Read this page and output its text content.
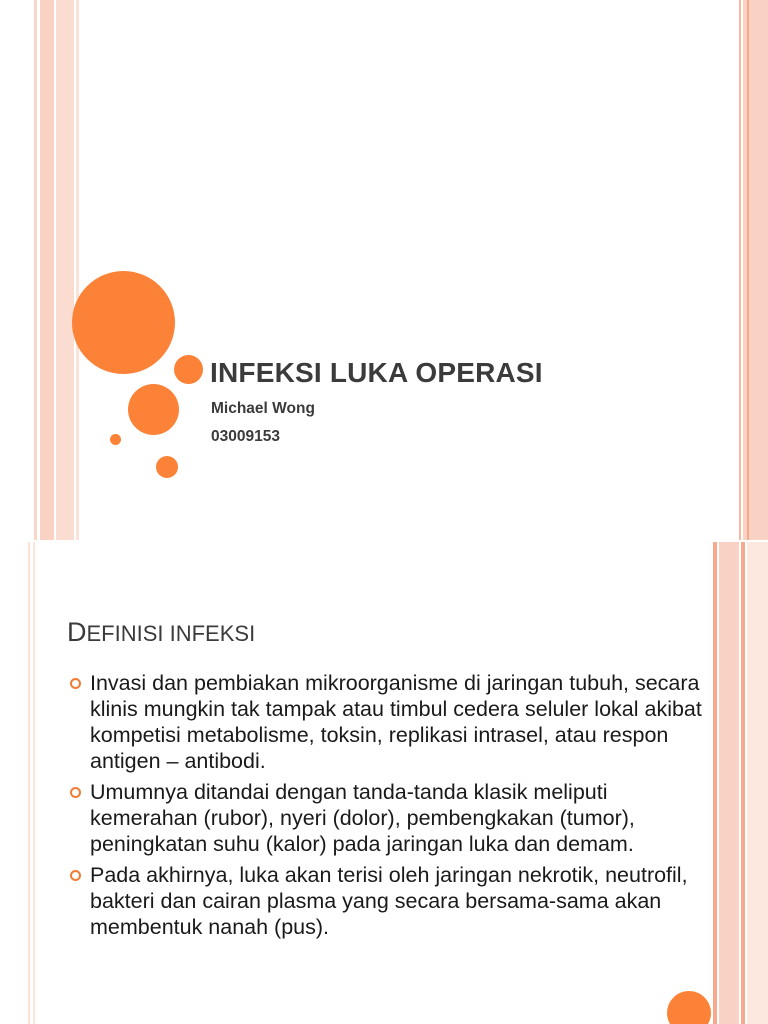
INFEKSI LUKA OPERASI
Michael Wong
03009153
DEFINISI INFEKSI
Invasi dan pembiakan mikroorganisme di jaringan tubuh, secara klinis mungkin tak tampak atau timbul cedera seluler lokal akibat kompetisi metabolisme, toksin, replikasi intrasel, atau respon antigen – antibodi.
Umumnya ditandai dengan tanda-tanda klasik meliputi kemerahan (rubor), nyeri (dolor), pembengkakan (tumor), peningkatan suhu (kalor) pada jaringan luka dan demam.
Pada akhirnya, luka akan terisi oleh jaringan nekrotik, neutrofil, bakteri dan cairan plasma yang secara bersama-sama akan membentuk nanah (pus).
